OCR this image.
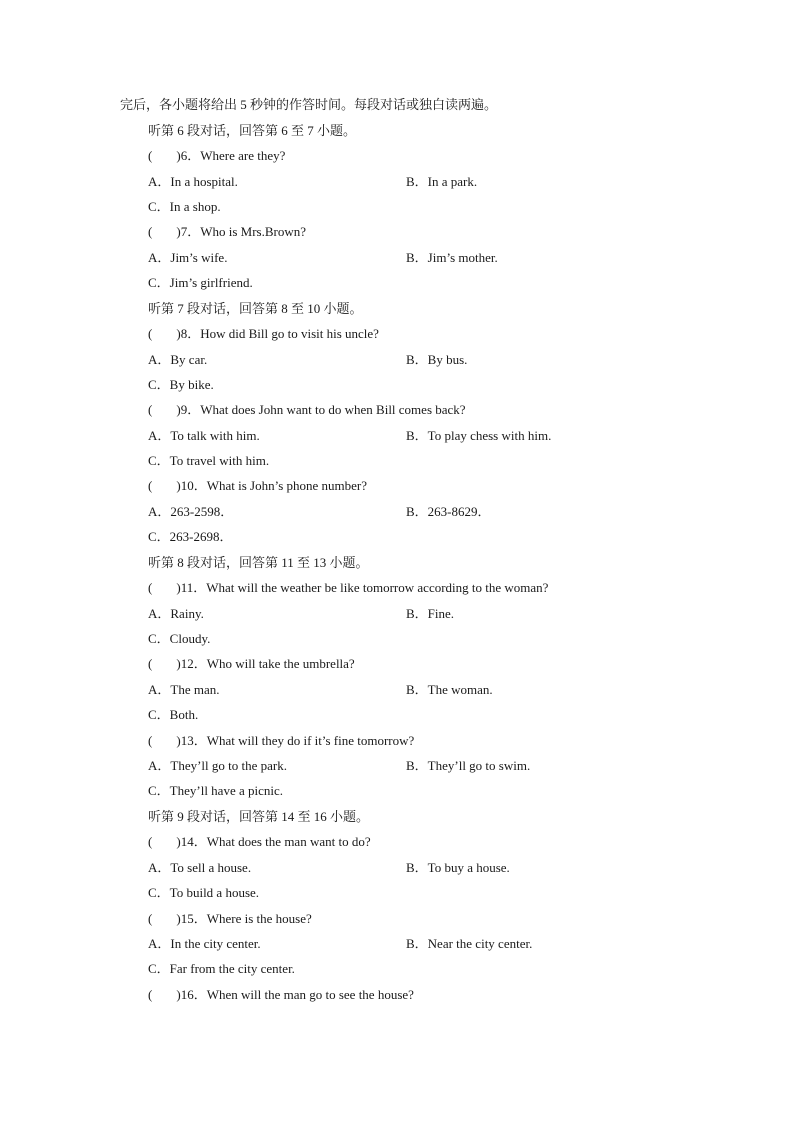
完后，各小题将给出 5 秒钟的作答时间。每段对话或独白读两遍。
听第 6 段对话，回答第 6 至 7 小题。
( )6．Where are they?
A．In a hospital.	B．In a park.
C．In a shop.
( )7．Who is Mrs.Brown?
A．Jim’s wife.	B．Jim’s mother.
C．Jim’s girlfriend.
听第 7 段对话，回答第 8 至 10 小题。
( )8．How did Bill go to visit his uncle?
A．By car.	B．By bus.
C．By bike.
( )9．What does John want to do when Bill comes back?
A．To talk with him.	B．To play chess with him.
C．To travel with him.
( )10．What is John’s phone number?
A．263-2598．	B．263-8629．
C．263-2698．
听第 8 段对话，回答第 11 至 13 小题。
( )11．What will the weather be like tomorrow according to the woman?
A．Rainy.	B．Fine.
C．Cloudy.
( )12．Who will take the umbrella?
A．The man.	B．The woman.
C．Both.
( )13．What will they do if it’s fine tomorrow?
A．They’ll go to the park.	B．They’ll go to swim.
C．They’ll have a picnic.
听第 9 段对话，回答第 14 至 16 小题。
( )14．What does the man want to do?
A．To sell a house.	B．To buy a house.
C．To build a house.
( )15．Where is the house?
A．In the city center.	B．Near the city center.
C．Far from the city center.
( )16．When will the man go to see the house?
